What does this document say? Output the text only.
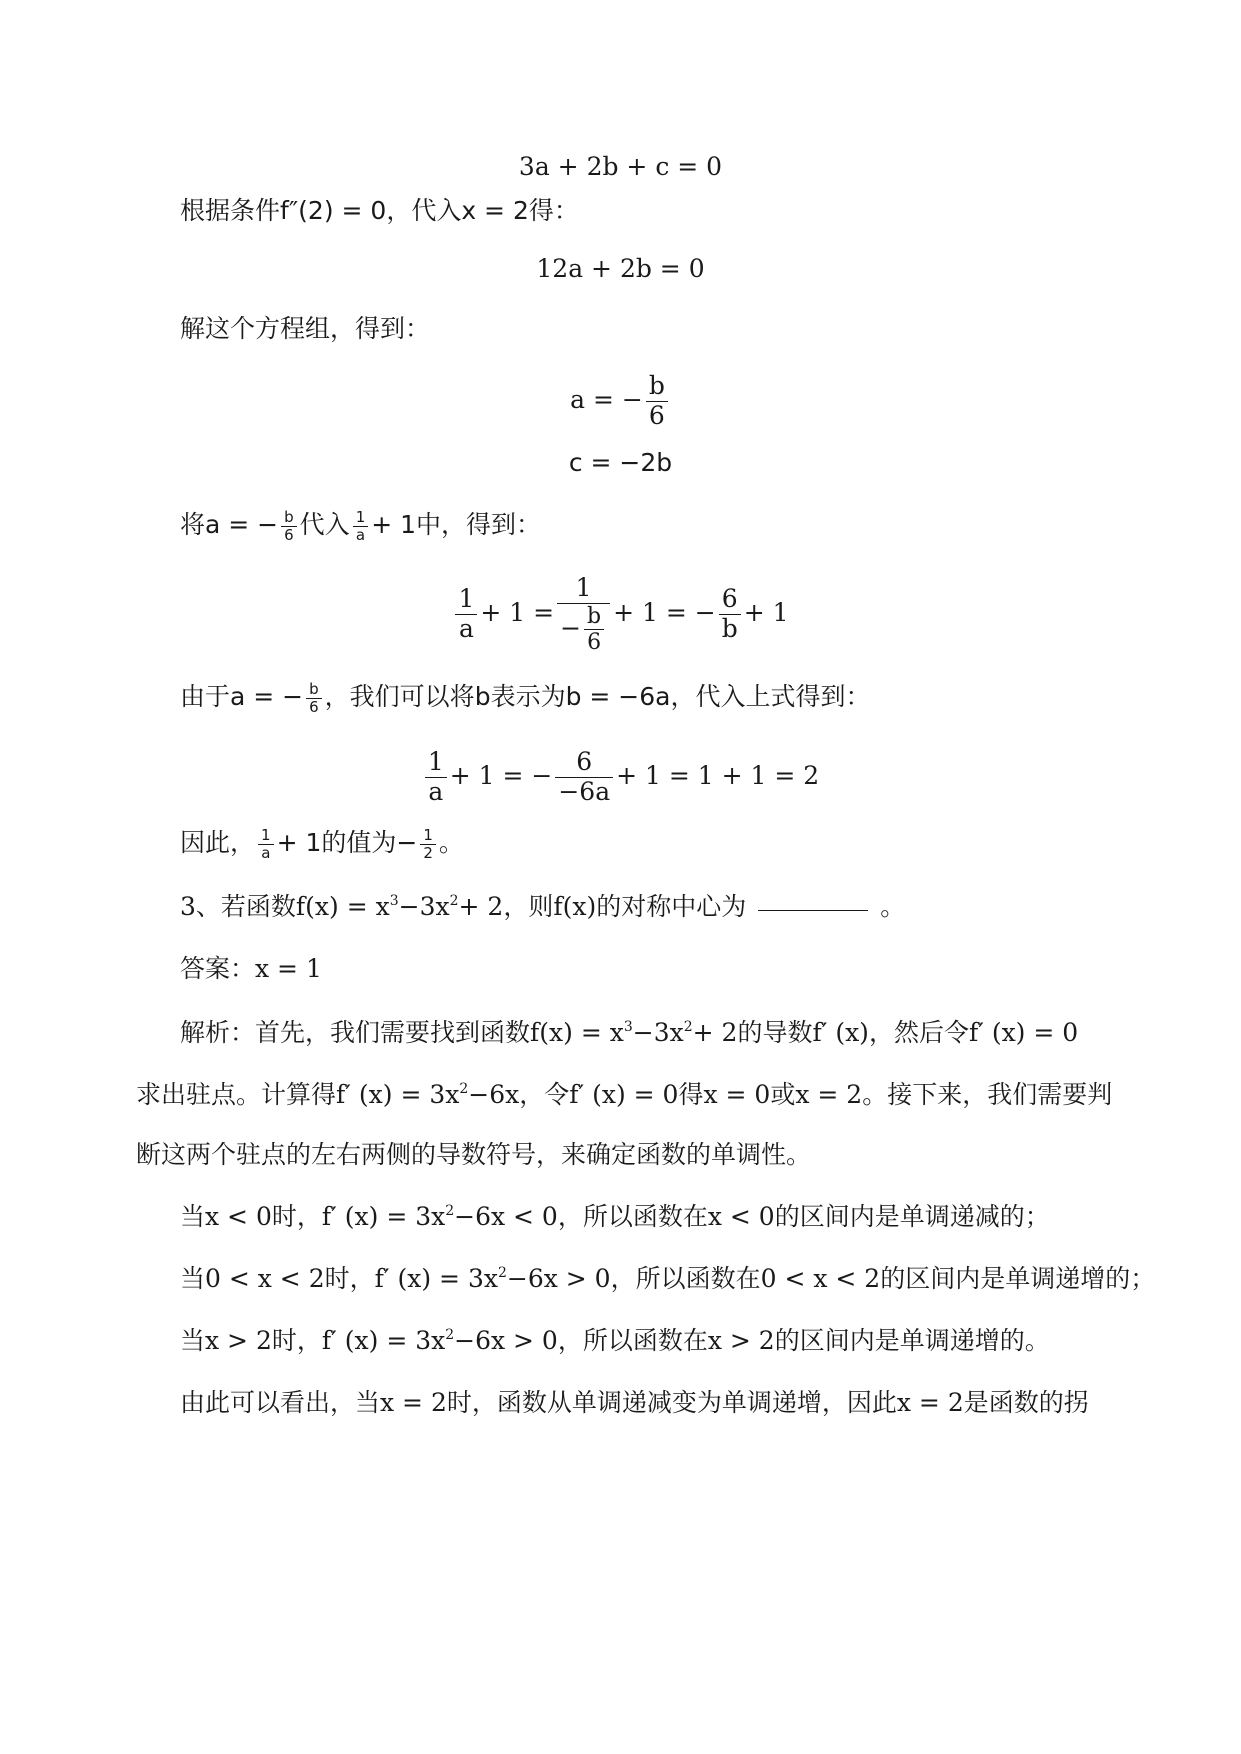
3a + 2b + c = 0
根据条件f″(2) = 0，代入x = 2得：
12a + 2b = 0
解这个方程组，得到：
a = − $\frac{b}{6}$
c = −2b
将a = − $\frac{b}{6}$ 代入 $\frac{1}{a} + 1$中，得到：
$\frac{1}{a} + 1 = \frac{1}{- \frac{b}{6}} + 1$ = − $\frac{6}{b} + 1$
由于a = − $\frac{b}{6}$ ，我们可以将b表示为b = −6a，代入上式得到：
$\frac{1}{a} + 1$ = − $\frac{6}{-6a} + 1 = 1 + 1 = 2$
因此， $\frac{1}{a} + 1$的值为− $\frac{1}{2}$ 。
3、若函数$f(x) = x^3-3x^2+ 2$，则f(x)的对称中心为	。
答案：x = 1
解析：首先，我们需要找到函数$f(x) = x^3-3x^2+ 2$的导数f′ (x)，然后令f′ (x) = 0
求出驻点。计算得f′ $(x) = 3x^2-6x$，令f′ (x) = 0得x = 0或x = 2。接下来，我们需要判
断这两个驻点的左右两侧的导数符号，来确定函数的单调性。
当x < 0时，f′ $(x) = 3x^2-6x < 0$，所以函数在x < 0的区间内是单调递减的；
当0 < x < 2时，f′ $(x) = 3x^2-6x > 0$，所以函数在0 < x < 2的区间内是单调递增的；
当x > 2时，f′ $(x) = 3x^2-6x > 0$，所以函数在x > 2的区间内是单调递增的。
由此可以看出，当x = 2时，函数从单调递减变为单调递增，因此x = 2是函数的拐
